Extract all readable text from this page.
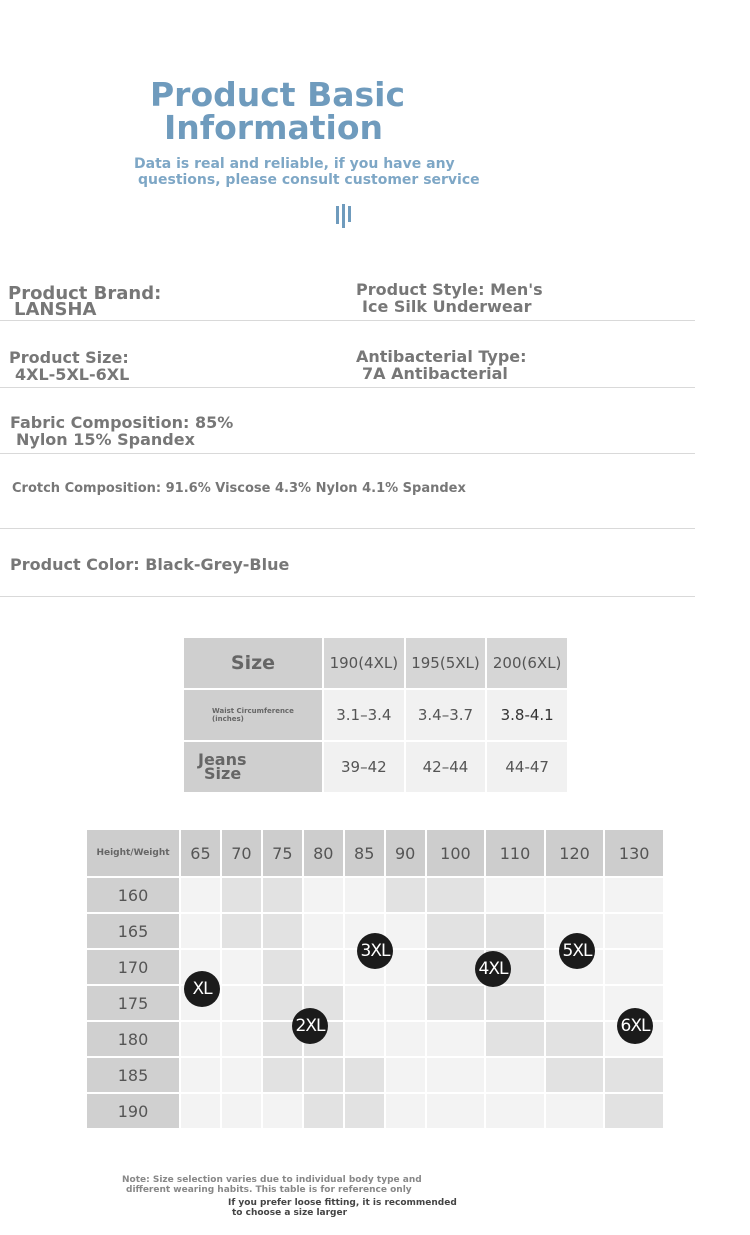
Product Basic
Information
Data is real and reliable, if you have any
questions, please consult customer service
Product Brand:
LANSHA
Product Style: Men's
Ice Silk Underwear
Product Size:
4XL-5XL-6XL
Antibacterial Type:
7A Antibacterial
Fabric Composition: 85%
Nylon 15% Spandex
Crotch Composition: 91.6% Viscose 4.3% Nylon 4.1% Spandex
Product Color: Black-Grey-Blue
Size	190(4XL)	195(5XL)	200(6XL)
Waist Circumference (inches)	3.1–3.4	3.4–3.7	3.8-4.1

Jeans
Size	39–42	42–44	44-47
Height/Weight	65	70	75	80	85	90	100	110	120	130
160										
165										
170										
175										
180										
185										
190										
XL
2XL
3XL
4XL
5XL
6XL
Note: Size selection varies due to individual body type and
different wearing habits. This table is for reference only
If you prefer loose fitting, it is recommended
to choose a size larger
